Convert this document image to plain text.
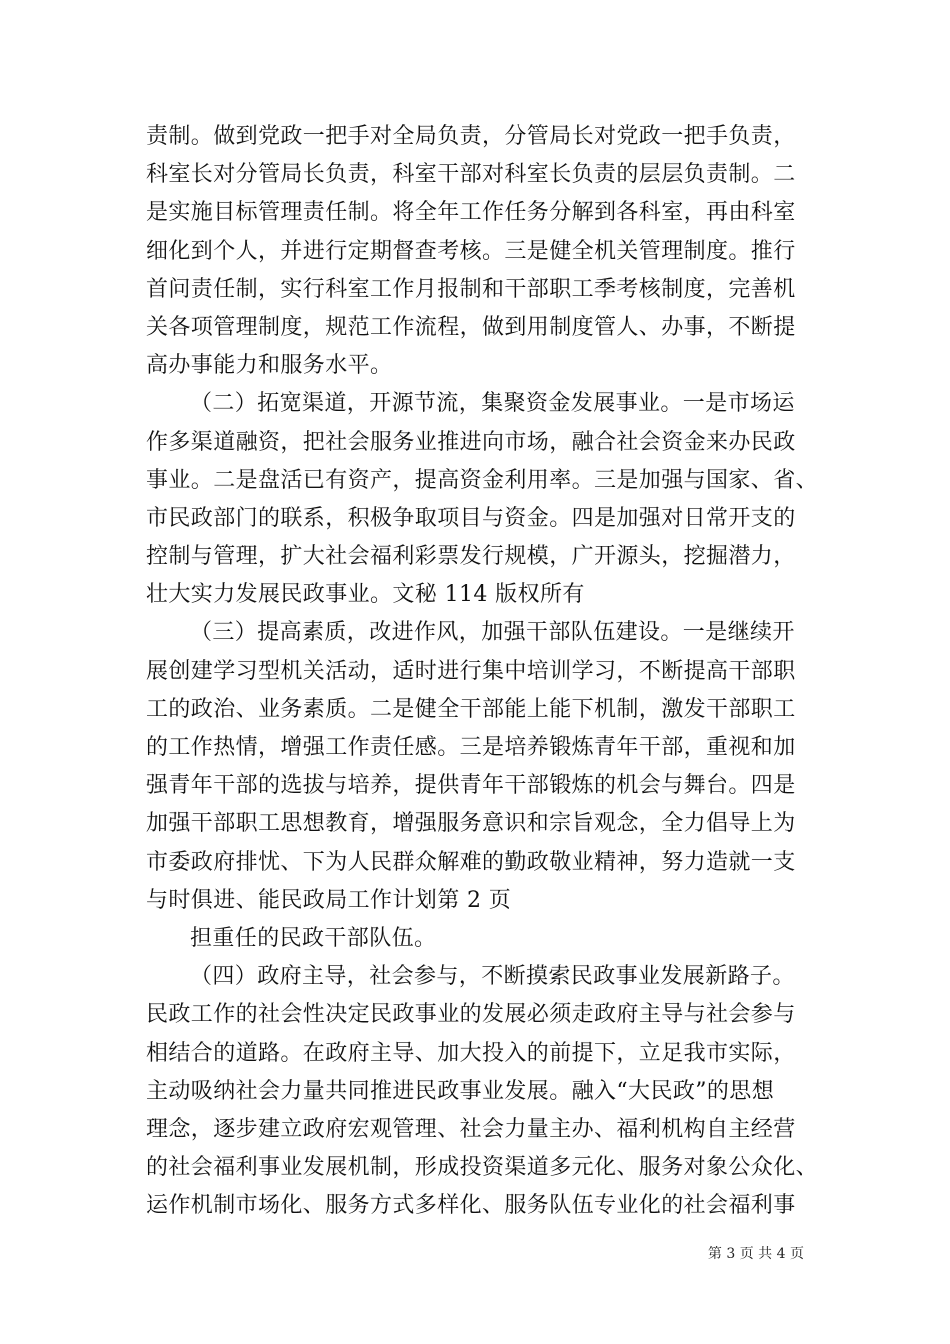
责制。做到党政一把手对全局负责，分管局长对党政一把手负责，
科室长对分管局长负责，科室干部对科室长负责的层层负责制。二
是实施目标管理责任制。将全年工作任务分解到各科室，再由科室
细化到个人，并进行定期督查考核。三是健全机关管理制度。推行
首问责任制，实行科室工作月报制和干部职工季考核制度，完善机
关各项管理制度，规范工作流程，做到用制度管人、办事，不断提
高办事能力和服务水平。
（二）拓宽渠道，开源节流，集聚资金发展事业。一是市场运
作多渠道融资，把社会服务业推进向市场，融合社会资金来办民政
事业。二是盘活已有资产，提高资金利用率。三是加强与国家、省、
市民政部门的联系，积极争取项目与资金。四是加强对日常开支的
控制与管理，扩大社会福利彩票发行规模，广开源头，挖掘潜力，
壮大实力发展民政事业。文秘 114 版权所有
（三）提高素质，改进作风，加强干部队伍建设。一是继续开
展创建学习型机关活动，适时进行集中培训学习，不断提高干部职
工的政治、业务素质。二是健全干部能上能下机制，激发干部职工
的工作热情，增强工作责任感。三是培养锻炼青年干部，重视和加
强青年干部的选拔与培养，提供青年干部锻炼的机会与舞台。四是
加强干部职工思想教育，增强服务意识和宗旨观念，全力倡导上为
市委政府排忧、下为人民群众解难的勤政敬业精神，努力造就一支
与时俱进、能民政局工作计划第 2 页
担重任的民政干部队伍。
（四）政府主导，社会参与，不断摸索民政事业发展新路子。
民政工作的社会性决定民政事业的发展必须走政府主导与社会参与
相结合的道路。在政府主导、加大投入的前提下，立足我市实际，
主动吸纳社会力量共同推进民政事业发展。融入“大民政”的思想
理念，逐步建立政府宏观管理、社会力量主办、福利机构自主经营
的社会福利事业发展机制，形成投资渠道多元化、服务对象公众化、
运作机制市场化、服务方式多样化、服务队伍专业化的社会福利事
第 3 页 共 4 页
